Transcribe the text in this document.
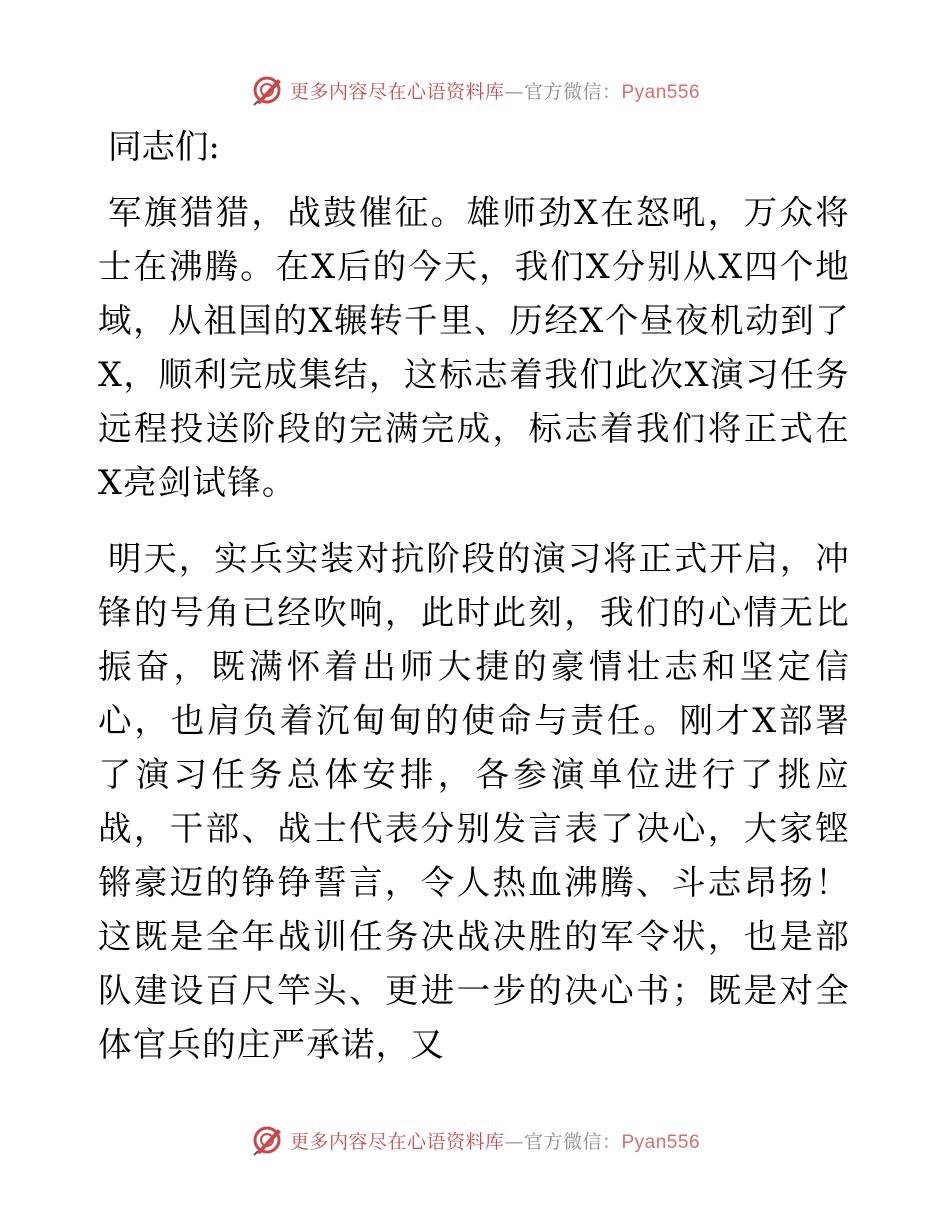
更多内容尽在心语资料库—官方微信：Pyan556

同志们:

军旗猎猎，战鼓催征。雄师劲X在怒吼，万众将士在沸腾。在X后的今天，我们X分别从X四个地域，从祖国的X辗转千里、历经X个昼夜机动到了X，顺利完成集结，这标志着我们此次X演习任务远程投送阶段的完满完成，标志着我们将正式在X亮剑试锋。

明天，实兵实装对抗阶段的演习将正式开启，冲锋的号角已经吹响，此时此刻，我们的心情无比振奋，既满怀着出师大捷的豪情壮志和坚定信心，也肩负着沉甸甸的使命与责任。刚才X部署了演习任务总体安排，各参演单位进行了挑应战，干部、战士代表分别发言表了决心，大家铿锵豪迈的铮铮誓言，令人热血沸腾、斗志昂扬！这既是全年战训任务决战决胜的军令状，也是部队建设百尺竿头、更进一步的决心书；既是对全体官兵的庄严承诺，又

更多内容尽在心语资料库—官方微信：Pyan556
